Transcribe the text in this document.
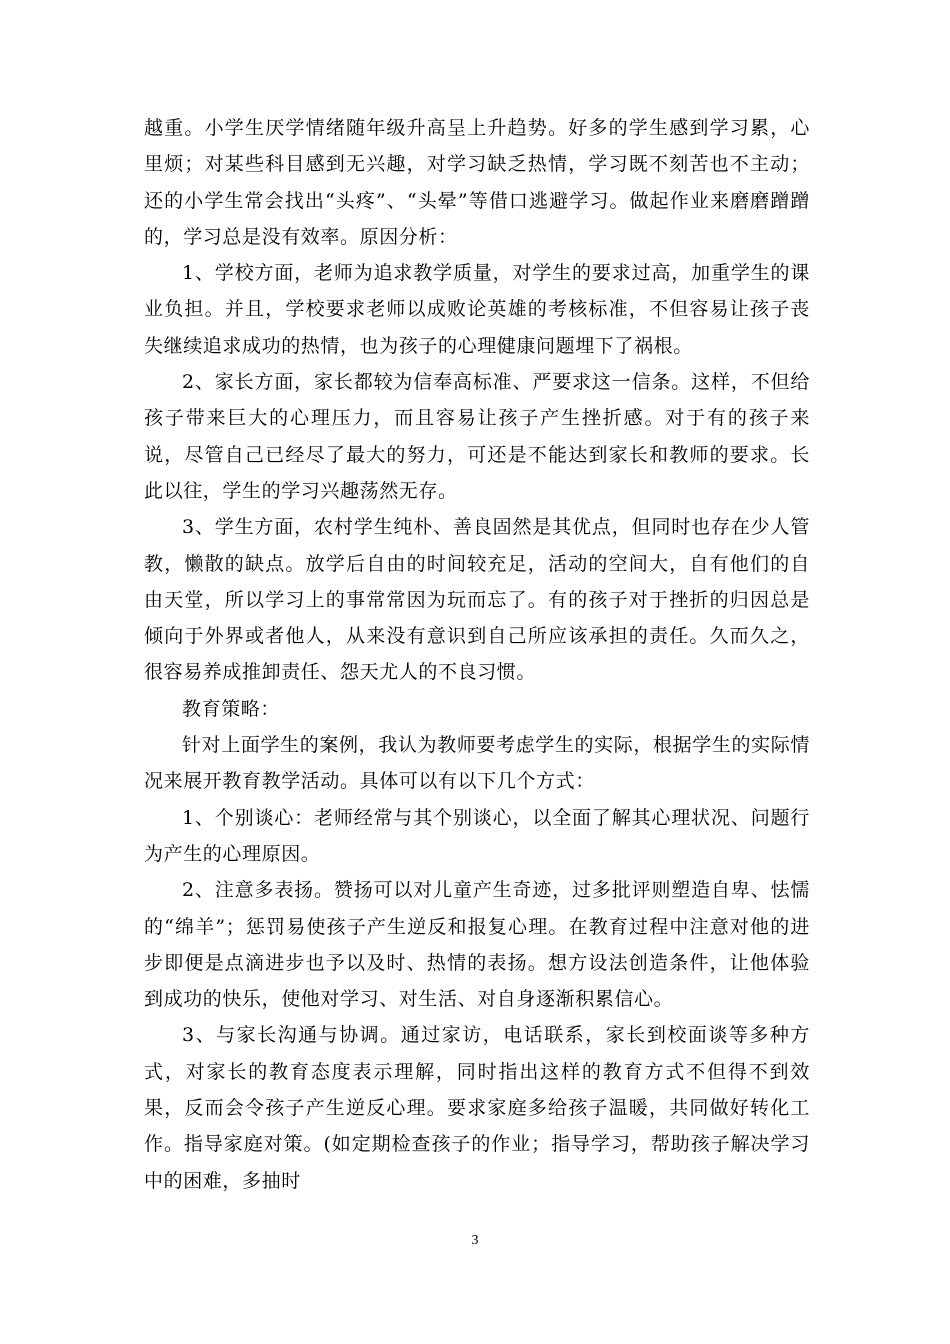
越重。小学生厌学情绪随年级升高呈上升趋势。好多的学生感到学习累，心里烦；对某些科目感到无兴趣，对学习缺乏热情，学习既不刻苦也不主动；还的小学生常会找出“头疼”、“头晕”等借口逃避学习。做起作业来磨磨蹭蹭的，学习总是没有效率。原因分析：

1、学校方面，老师为追求教学质量，对学生的要求过高，加重学生的课业负担。并且，学校要求老师以成败论英雄的考核标准，不但容易让孩子丧失继续追求成功的热情，也为孩子的心理健康问题埋下了祸根。

2、家长方面，家长都较为信奉高标准、严要求这一信条。这样，不但给孩子带来巨大的心理压力，而且容易让孩子产生挫折感。对于有的孩子来说，尽管自己已经尽了最大的努力，可还是不能达到家长和教师的要求。长此以往，学生的学习兴趣荡然无存。

3、学生方面，农村学生纯朴、善良固然是其优点，但同时也存在少人管教，懒散的缺点。放学后自由的时间较充足，活动的空间大，自有他们的自由天堂，所以学习上的事常常因为玩而忘了。有的孩子对于挫折的归因总是倾向于外界或者他人，从来没有意识到自己所应该承担的责任。久而久之，很容易养成推卸责任、怨天尤人的不良习惯。

教育策略：

针对上面学生的案例，我认为教师要考虑学生的实际，根据学生的实际情况来展开教育教学活动。具体可以有以下几个方式：

1、个别谈心：老师经常与其个别谈心，以全面了解其心理状况、问题行为产生的心理原因。

2、注意多表扬。赞扬可以对儿童产生奇迹，过多批评则塑造自卑、怯懦的“绵羊”；惩罚易使孩子产生逆反和报复心理。在教育过程中注意对他的进步即便是点滴进步也予以及时、热情的表扬。想方设法创造条件，让他体验到成功的快乐，使他对学习、对生活、对自身逐渐积累信心。

3、与家长沟通与协调。通过家访，电话联系，家长到校面谈等多种方式，对家长的教育态度表示理解，同时指出这样的教育方式不但得不到效果，反而会令孩子产生逆反心理。要求家庭多给孩子温暖，共同做好转化工作。指导家庭对策。(如定期检查孩子的作业；指导学习，帮助孩子解决学习中的困难，多抽时

3
